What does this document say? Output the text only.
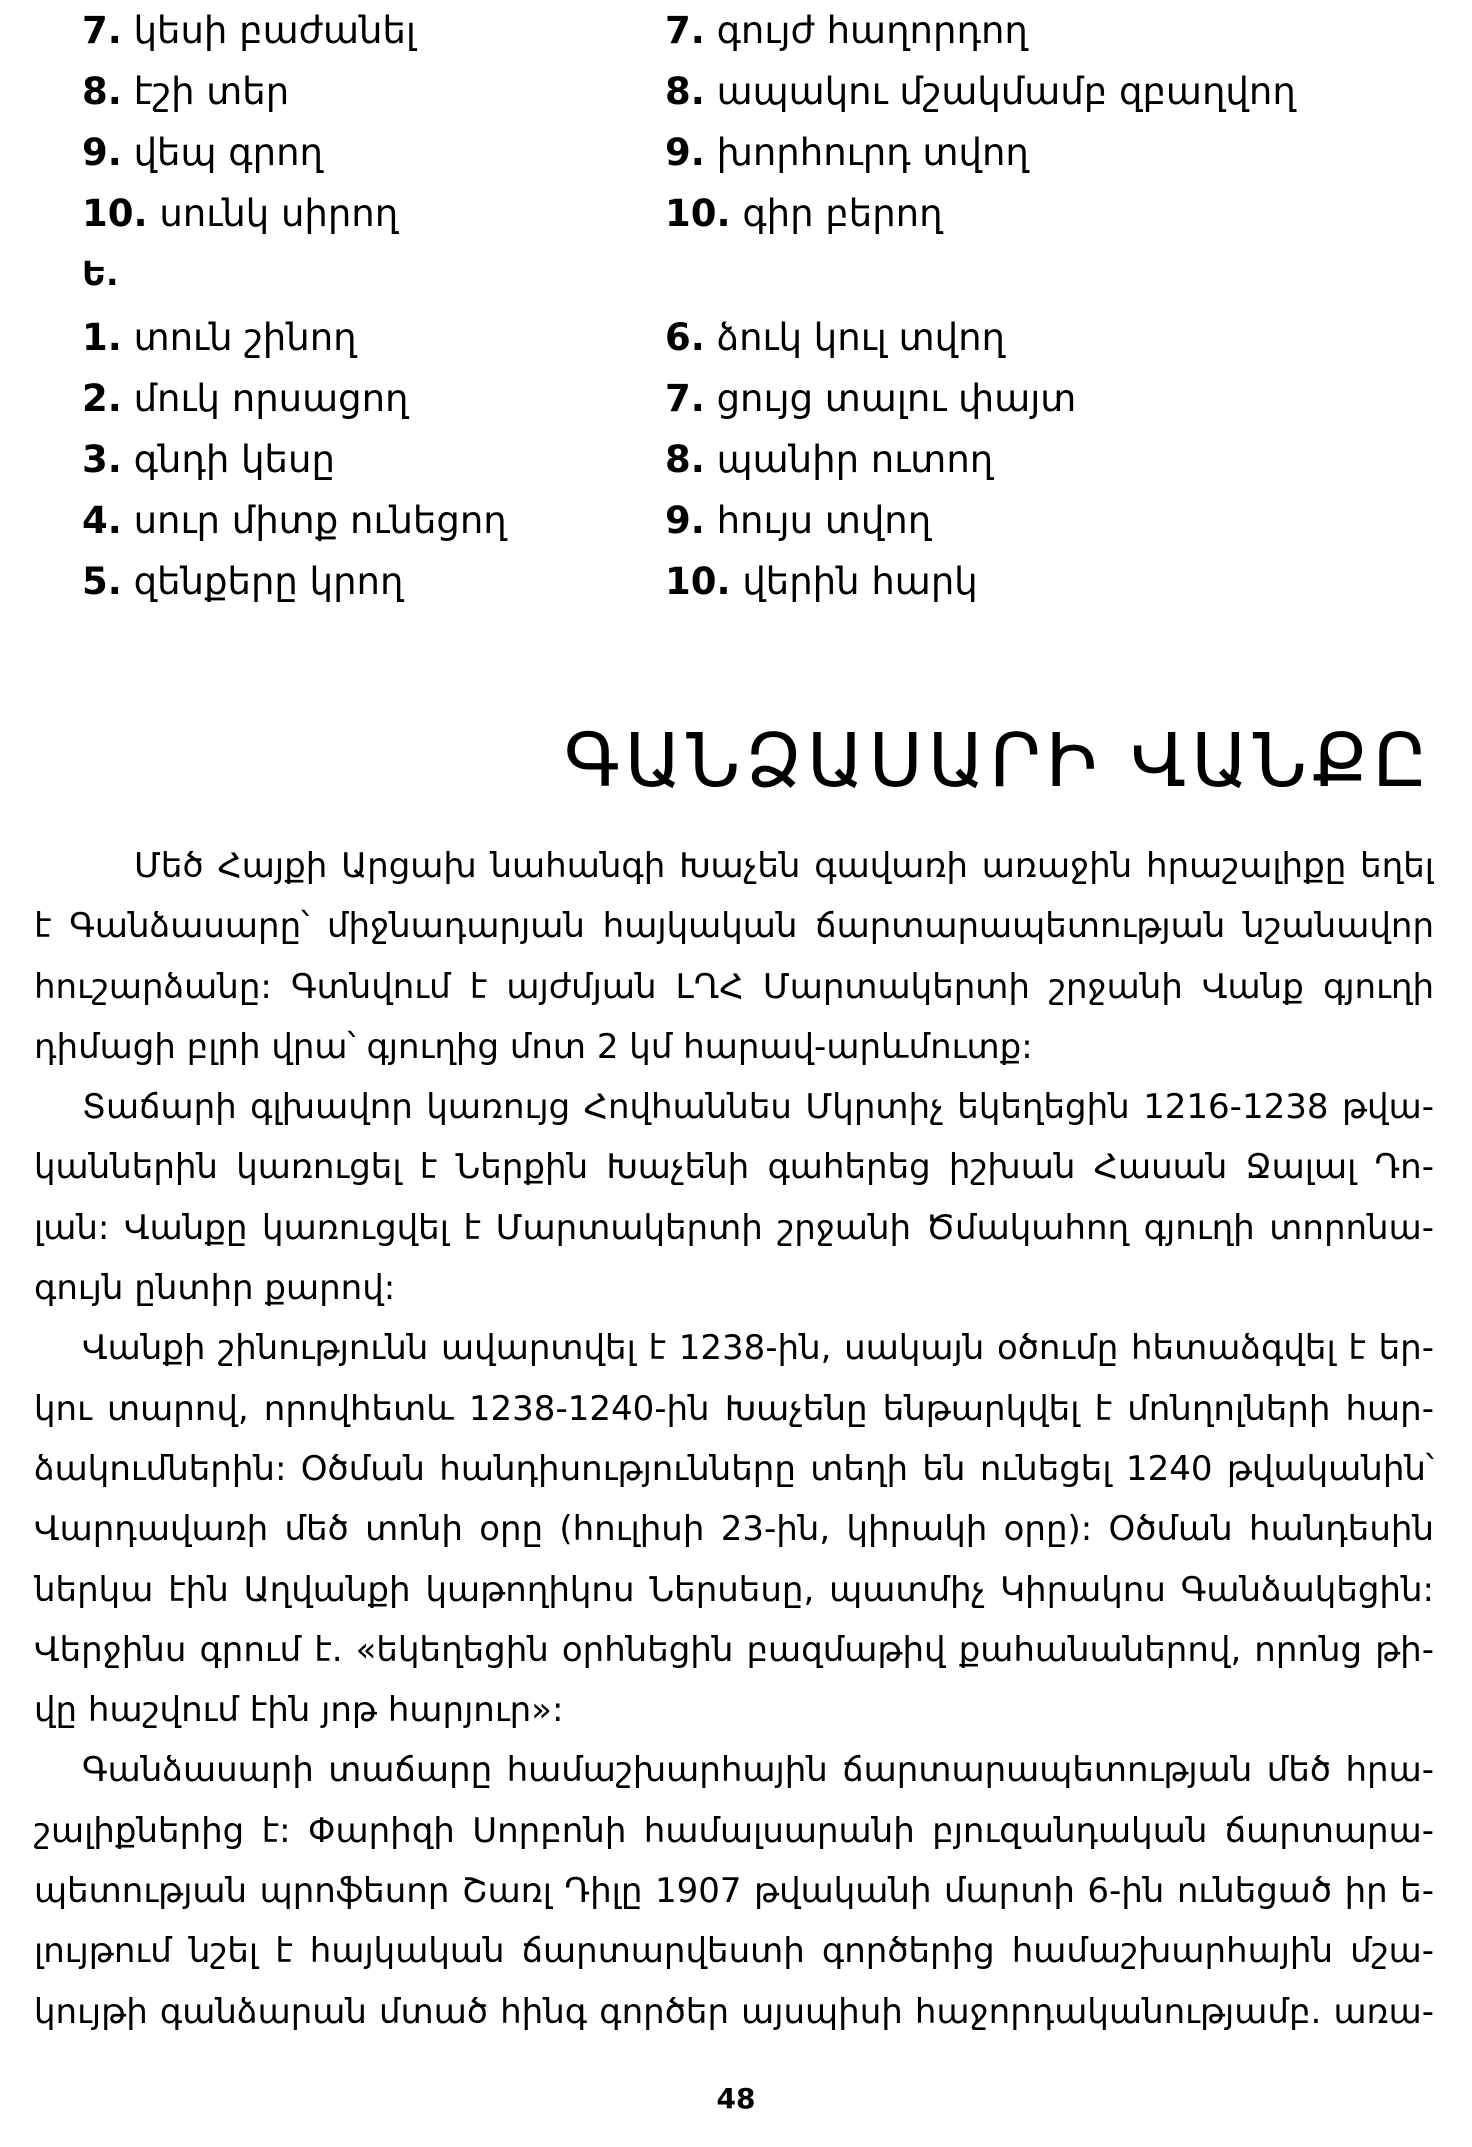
7. կեսի բաժանել
8. էշի տեր
9. վեպ գրող
10. սունկ սիրող
7. գույժ հաղորդող
8. ապակու մշակմամբ զբաղվող
9. խորհուրդ տվող
10. գիր բերող
Ե.
1. տուն շինող
2. մուկ որսացող
3. գնդի կեսը
4. սուր միտք ունեցող
5. զենքերը կրող
6. ձուկ կուլ տվող
7. ցույց տալու փայտ
8. պանիր ուտող
9. հույս տվող
10. վերին հարկ
ԳԱՆՁԱՍԱՐԻ ՎԱՆՔԸ

Մեծ Հայքի Արցախ նահանգի Խաչեն գավառի առաջին հրաշալիքը եղել
է Գանձասարը՝ միջնադարյան հայկական ճարտարապետության նշանավոր
հուշարձանը: Գտնվում է այժմյան ԼՂՀ Մարտակերտի շրջանի Վանք գյուղի
դիմացի բլրի վրա՝ գյուղից մոտ 2 կմ հարավ-արևմուտք:

Տաճարի գլխավոր կառույց Հովհաննես Մկրտիչ եկեղեցին 1216-1238 թվա-
կաններին կառուցել է Ներքին Խաչենի գահերեց իշխան Հասան Ջալալ Դո-
լան: Վանքը կառուցվել է Մարտակերտի շրջանի Ծմակահող գյուղի տորոնա-
գույն ընտիր քարով:

Վանքի շինությունն ավարտվել է 1238-ին, սակայն օծումը հետաձգվել է եր-
կու տարով, որովհետև 1238-1240-ին Խաչենը ենթարկվել է մոնղոլների հար-
ձակումներին: Օծման հանդիսությունները տեղի են ունեցել 1240 թվականին՝
Վարդավառի մեծ տոնի օրը (հուլիսի 23-ին, կիրակի օրը): Օծման հանդեսին
ներկա էին Աղվանքի կաթողիկոս Ներսեսը, պատմիչ Կիրակոս Գանձակեցին:
Վերջինս գրում է. «եկեղեցին օրհնեցին բազմաթիվ քահանաներով, որոնց թի-
վը հաշվում էին յոթ հարյուր»:

Գանձասարի տաճարը համաշխարհային ճարտարապետության մեծ հրա-
շալիքներից է: Փարիզի Սորբոնի համալսարանի բյուզանդական ճարտարա-
պետության պրոֆեսոր Շառլ Դիլը 1907 թվականի մարտի 6-ին ունեցած իր ե-
լույթում նշել է հայկական ճարտարվեստի գործերից համաշխարհային մշա-
կույթի գանձարան մտած հինգ գործեր այսպիսի հաջորդականությամբ. առա-

48
